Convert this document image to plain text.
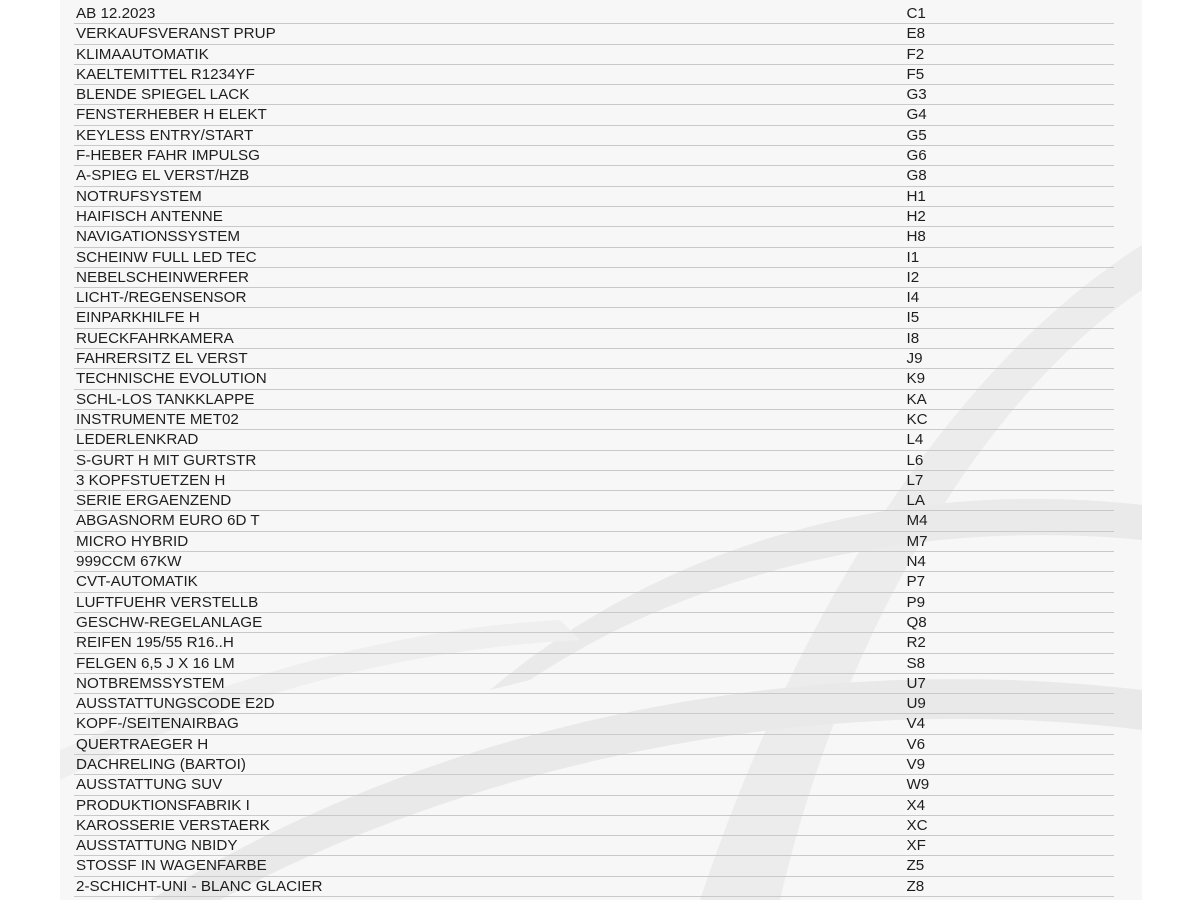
AB 12.2023	C1
VERKAUFSVERANST PRUP	E8
KLIMAAUTOMATIK	F2
KAELTEMITTEL R1234YF	F5
BLENDE SPIEGEL LACK	G3
FENSTERHEBER H ELEKT	G4
KEYLESS ENTRY/START	G5
F-HEBER FAHR IMPULSG	G6
A-SPIEG EL VERST/HZB	G8
NOTRUFSYSTEM	H1
HAIFISCH ANTENNE	H2
NAVIGATIONSSYSTEM	H8
SCHEINW FULL LED TEC	I1
NEBELSCHEINWERFER	I2
LICHT-/REGENSENSOR	I4
EINPARKHILFE H	I5
RUECKFAHRKAMERA	I8
FAHRERSITZ EL VERST	J9
TECHNISCHE EVOLUTION	K9
SCHL-LOS TANKKLAPPE	KA
INSTRUMENTE MET02	KC
LEDERLENKRAD	L4
S-GURT H MIT GURTSTR	L6
3 KOPFSTUETZEN H	L7
SERIE ERGAENZEND	LA
ABGASNORM EURO 6D T	M4
MICRO HYBRID	M7
999CCM 67KW	N4
CVT-AUTOMATIK	P7
LUFTFUEHR VERSTELLB	P9
GESCHW-REGELANLAGE	Q8
REIFEN 195/55 R16..H	R2
FELGEN 6,5 J X 16 LM	S8
NOTBREMSSYSTEM	U7
AUSSTATTUNGSCODE E2D	U9
KOPF-/SEITENAIRBAG	V4
QUERTRAEGER H	V6
DACHRELING (BARTOI)	V9
AUSSTATTUNG SUV	W9
PRODUKTIONSFABRIK I	X4
KAROSSERIE VERSTAERK	XC
AUSSTATTUNG NBIDY	XF
STOSSF IN WAGENFARBE	Z5
2-SCHICHT-UNI - BLANC GLACIER	Z8
